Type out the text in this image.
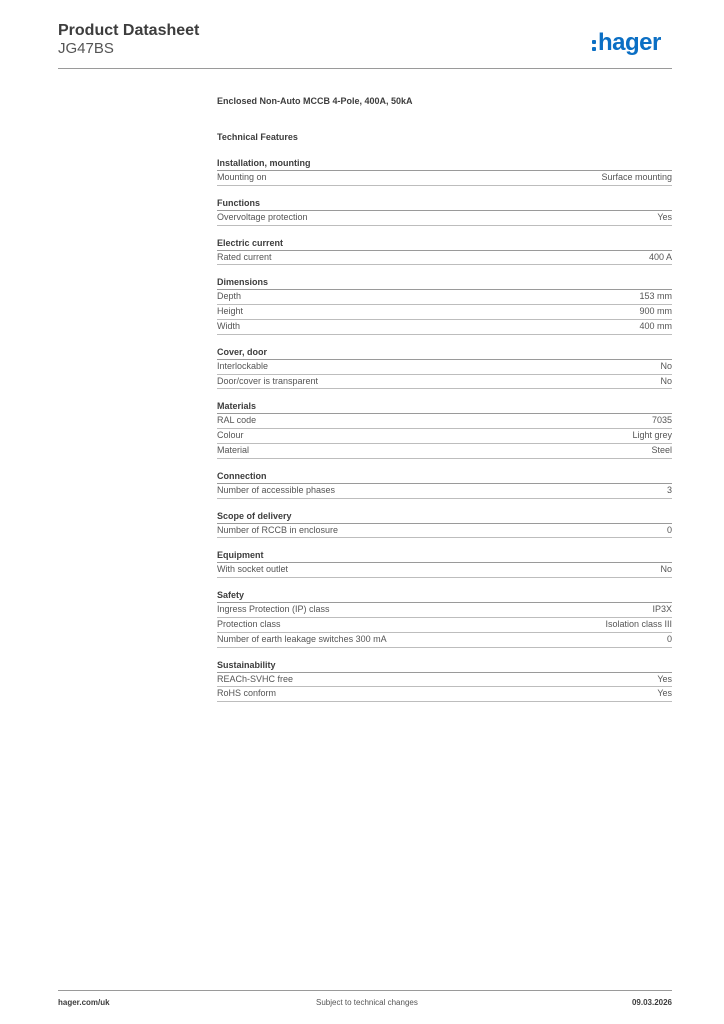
Product Datasheet
JG47BS	hager
Enclosed Non-Auto MCCB 4-Pole, 400A, 50kA
Technical Features
Installation, mounting
Mounting on	Surface mounting
Functions
Overvoltage protection	Yes
Electric current
Rated current	400 A
Dimensions
Depth	153 mm
Height	900 mm
Width	400 mm
Cover, door
Interlockable	No
Door/cover is transparent	No
Materials
RAL code	7035
Colour	Light grey
Material	Steel
Connection
Number of accessible phases	3
Scope of delivery
Number of RCCB in enclosure	0
Equipment
With socket outlet	No
Safety
Ingress Protection (IP) class	IP3X
Protection class	Isolation class III
Number of earth leakage switches 300 mA	0
Sustainability
REACh-SVHC free	Yes
RoHS conform	Yes
hager.com/uk	Subject to technical changes	09.03.2026
